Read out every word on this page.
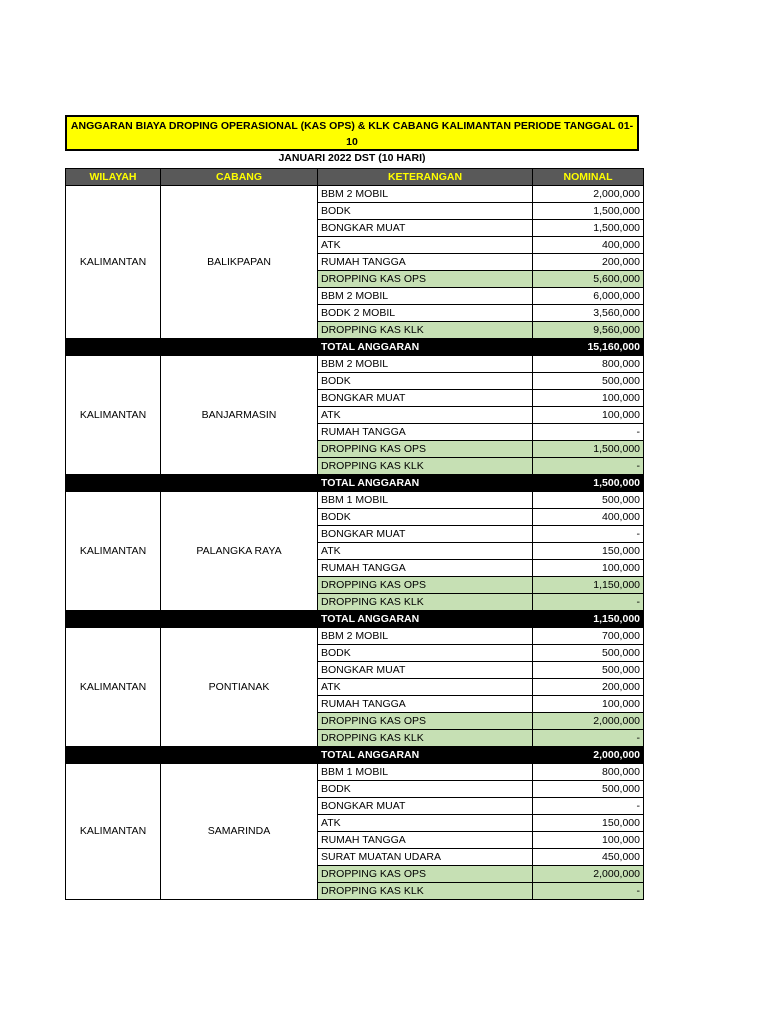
ANGGARAN BIAYA DROPING OPERASIONAL (KAS OPS) & KLK CABANG KALIMANTAN PERIODE TANGGAL 01-10
JANUARI 2022 DST (10 HARI)
WILAYAH	CABANG	KETERANGAN	NOMINAL
KALIMANTAN	BALIKPAPAN	BBM 2 MOBIL	2,000,000
		BODK	1,500,000
		BONGKAR MUAT	1,500,000
		ATK	400,000
		RUMAH TANGGA	200,000
		DROPPING KAS OPS	5,600,000
		BBM 2 MOBIL	6,000,000
		BODK 2 MOBIL	3,560,000
		DROPPING KAS KLK	9,560,000
		TOTAL ANGGARAN	15,160,000
KALIMANTAN	BANJARMASIN	BBM 2 MOBIL	800,000
		BODK	500,000
		BONGKAR MUAT	100,000
		ATK	100,000
		RUMAH TANGGA	-
		DROPPING KAS OPS	1,500,000
		DROPPING KAS KLK	-
		TOTAL ANGGARAN	1,500,000
KALIMANTAN	PALANGKA RAYA	BBM 1 MOBIL	500,000
		BODK	400,000
		BONGKAR MUAT	-
		ATK	150,000
		RUMAH TANGGA	100,000
		DROPPING KAS OPS	1,150,000
		DROPPING KAS KLK	-
		TOTAL ANGGARAN	1,150,000
KALIMANTAN	PONTIANAK	BBM 2 MOBIL	700,000
		BODK	500,000
		BONGKAR MUAT	500,000
		ATK	200,000
		RUMAH TANGGA	100,000
		DROPPING KAS OPS	2,000,000
		DROPPING KAS KLK	-
		TOTAL ANGGARAN	2,000,000
KALIMANTAN	SAMARINDA	BBM 1 MOBIL	800,000
		BODK	500,000
		BONGKAR MUAT	-
		ATK	150,000
		RUMAH TANGGA	100,000
		SURAT MUATAN UDARA	450,000
		DROPPING KAS OPS	2,000,000
		DROPPING KAS KLK	-
